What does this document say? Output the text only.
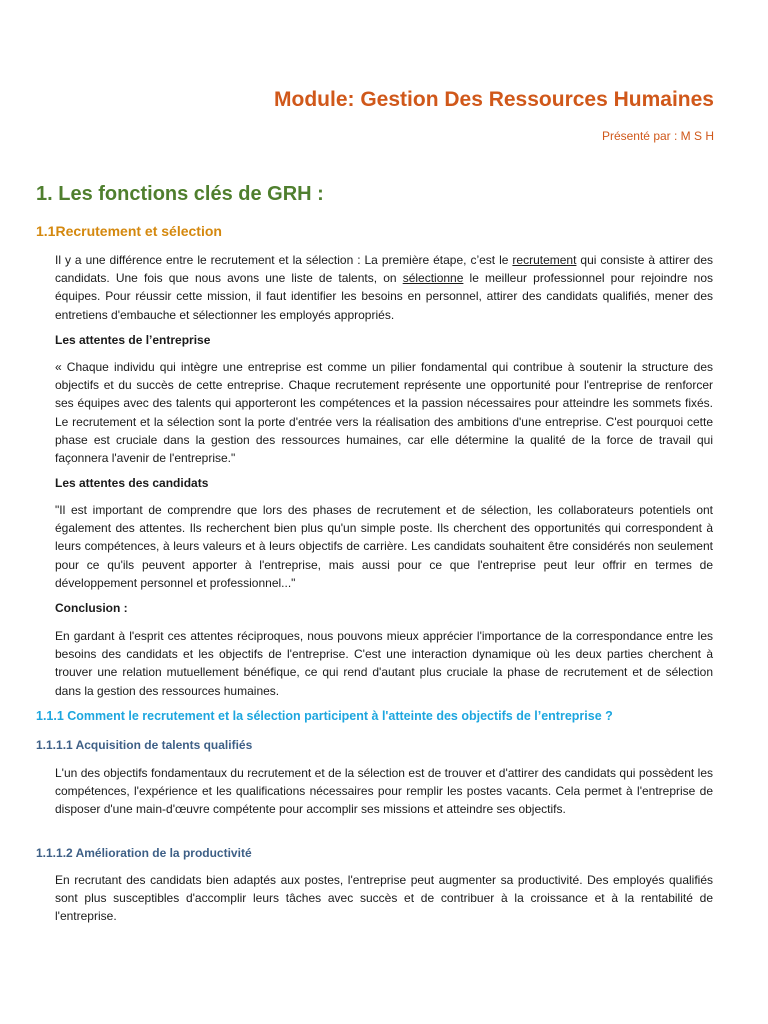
Module: Gestion Des Ressources Humaines
Présenté par : M S H
1. Les fonctions clés de GRH :
1.1Recrutement et sélection
Il y a une différence entre le recrutement et la sélection : La première étape, c’est le recrutement qui consiste à attirer des candidats. Une fois que nous avons une liste de talents, on sélectionne le meilleur professionnel pour rejoindre nos équipes. Pour réussir cette mission, il faut identifier les besoins en personnel, attirer des candidats qualifiés, mener des entretiens d'embauche et sélectionner les employés appropriés.
Les attentes de l’entreprise
« Chaque individu qui intègre une entreprise est comme un pilier fondamental qui contribue à soutenir la structure des objectifs et du succès de cette entreprise. Chaque recrutement représente une opportunité pour l'entreprise de renforcer ses équipes avec des talents qui apporteront les compétences et la passion nécessaires pour atteindre les sommets fixés. Le recrutement et la sélection sont la porte d'entrée vers la réalisation des ambitions d'une entreprise. C'est pourquoi cette phase est cruciale dans la gestion des ressources humaines, car elle détermine la qualité de la force de travail qui façonnera l'avenir de l'entreprise."
Les attentes des candidats
"Il est important de comprendre que lors des phases de recrutement et de sélection, les collaborateurs potentiels ont également des attentes. Ils recherchent bien plus qu'un simple poste. Ils cherchent des opportunités qui correspondent à leurs compétences, à leurs valeurs et à leurs objectifs de carrière. Les candidats souhaitent être considérés non seulement pour ce qu'ils peuvent apporter à l'entreprise, mais aussi pour ce que l'entreprise peut leur offrir en termes de développement personnel et professionnel..."
Conclusion :
En gardant à l'esprit ces attentes réciproques, nous pouvons mieux apprécier l'importance de la correspondance entre les besoins des candidats et les objectifs de l'entreprise. C'est une interaction dynamique où les deux parties cherchent à trouver une relation mutuellement bénéfique, ce qui rend d'autant plus cruciale la phase de recrutement et de sélection dans la gestion des ressources humaines.
1.1.1 Comment le recrutement et la sélection participent à l'atteinte des objectifs de l’entreprise ?
1.1.1.1 Acquisition de talents qualifiés
L'un des objectifs fondamentaux du recrutement et de la sélection est de trouver et d'attirer des candidats qui possèdent les compétences, l'expérience et les qualifications nécessaires pour remplir les postes vacants. Cela permet à l'entreprise de disposer d'une main-d'œuvre compétente pour accomplir ses missions et atteindre ses objectifs.
1.1.1.2 Amélioration de la productivité
En recrutant des candidats bien adaptés aux postes, l'entreprise peut augmenter sa productivité. Des employés qualifiés sont plus susceptibles d'accomplir leurs tâches avec succès et de contribuer à la croissance et à la rentabilité de l'entreprise.
